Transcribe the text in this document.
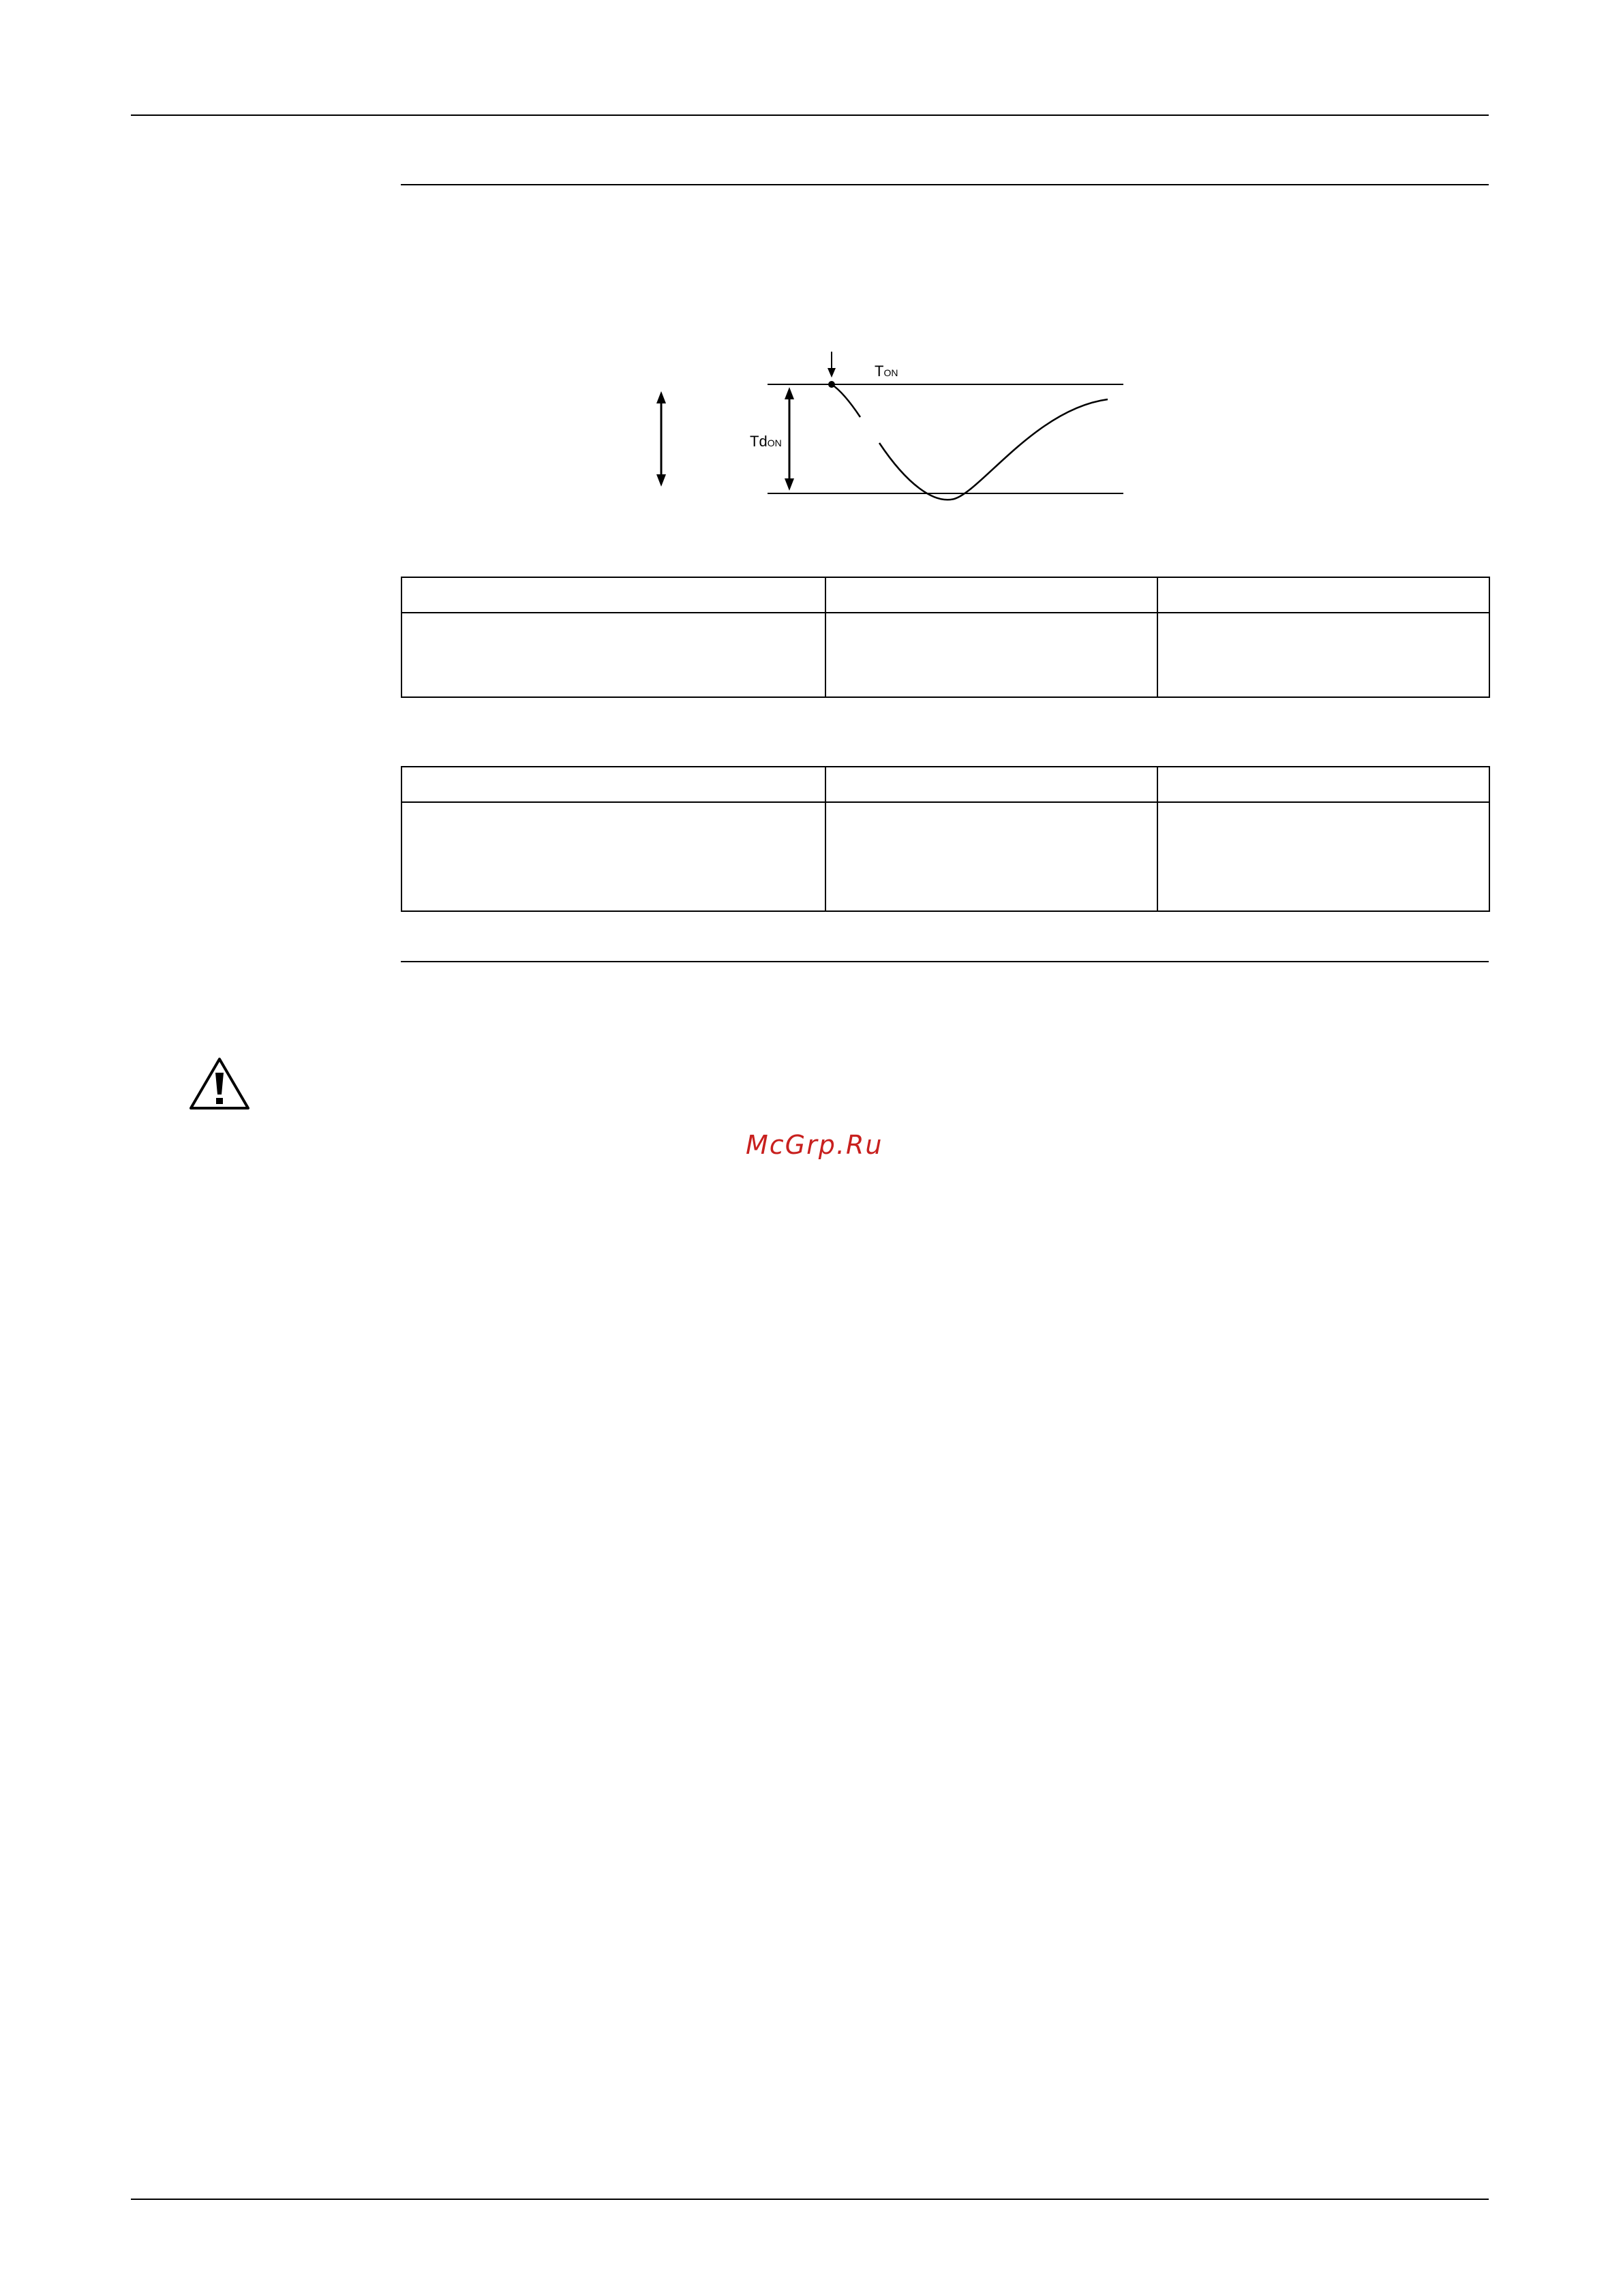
TON
TdON

McGrp.Ru
